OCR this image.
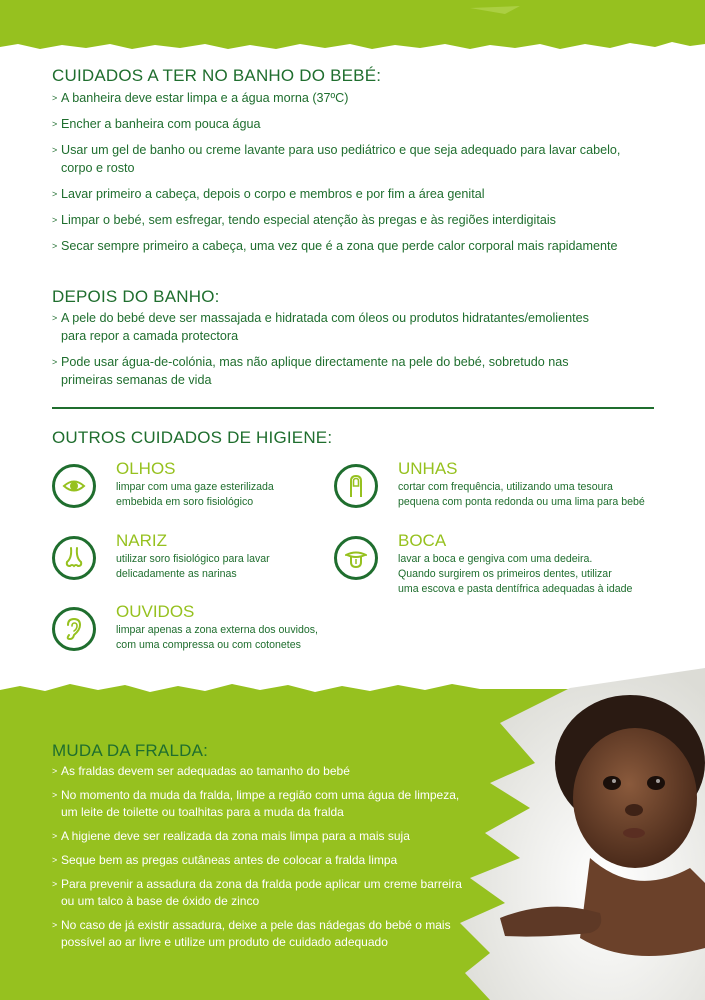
CUIDADOS A TER NO BANHO DO BEBÉ:
> A banheira deve estar limpa e a água morna (37ºC)
> Encher a banheira com pouca água
> Usar um gel de banho ou creme lavante para uso pediátrico e que seja adequado para lavar cabelo, corpo e rosto
> Lavar primeiro a cabeça, depois o corpo e membros e por fim a área genital
> Limpar o bebé, sem esfregar, tendo especial atenção às pregas e às regiões interdigitais
> Secar sempre primeiro a cabeça, uma vez que é a zona que perde calor corporal mais rapidamente
DEPOIS DO BANHO:
> A pele do bebé deve ser massajada e hidratada com óleos ou produtos hidratantes/emolientes para repor a camada protectora
> Pode usar água-de-colónia, mas não aplique directamente na pele do bebé, sobretudo nas primeiras semanas de vida
OUTROS CUIDADOS DE HIGIENE:
OLHOS
limpar com uma gaze esterilizada
embebida em soro fisiológico
UNHAS
cortar com frequência, utilizando uma tesoura
pequena com ponta redonda ou uma lima para bebé
NARIZ
utilizar soro fisiológico para lavar
delicadamente as narinas
BOCA
lavar a boca e gengiva com uma dedeira.
Quando surgirem os primeiros dentes, utilizar
uma escova e pasta dentífrica adequadas à idade
OUVIDOS
limpar apenas a zona externa dos ouvidos,
com uma compressa ou com cotonetes
MUDA DA FRALDA:
> As fraldas devem ser adequadas ao tamanho do bebé
> No momento da muda da fralda, limpe a região com uma água de limpeza, um leite de toilette ou toalhitas para a muda da fralda
> A higiene deve ser realizada da zona mais limpa para a mais suja
> Seque bem as pregas cutâneas antes de colocar a fralda limpa
> Para prevenir a assadura da zona da fralda pode aplicar um creme barreira ou um talco à base de óxido de zinco
> No caso de já existir assadura, deixe a pele das nádegas do bebé o mais possível ao ar livre e utilize um produto de cuidado adequado
